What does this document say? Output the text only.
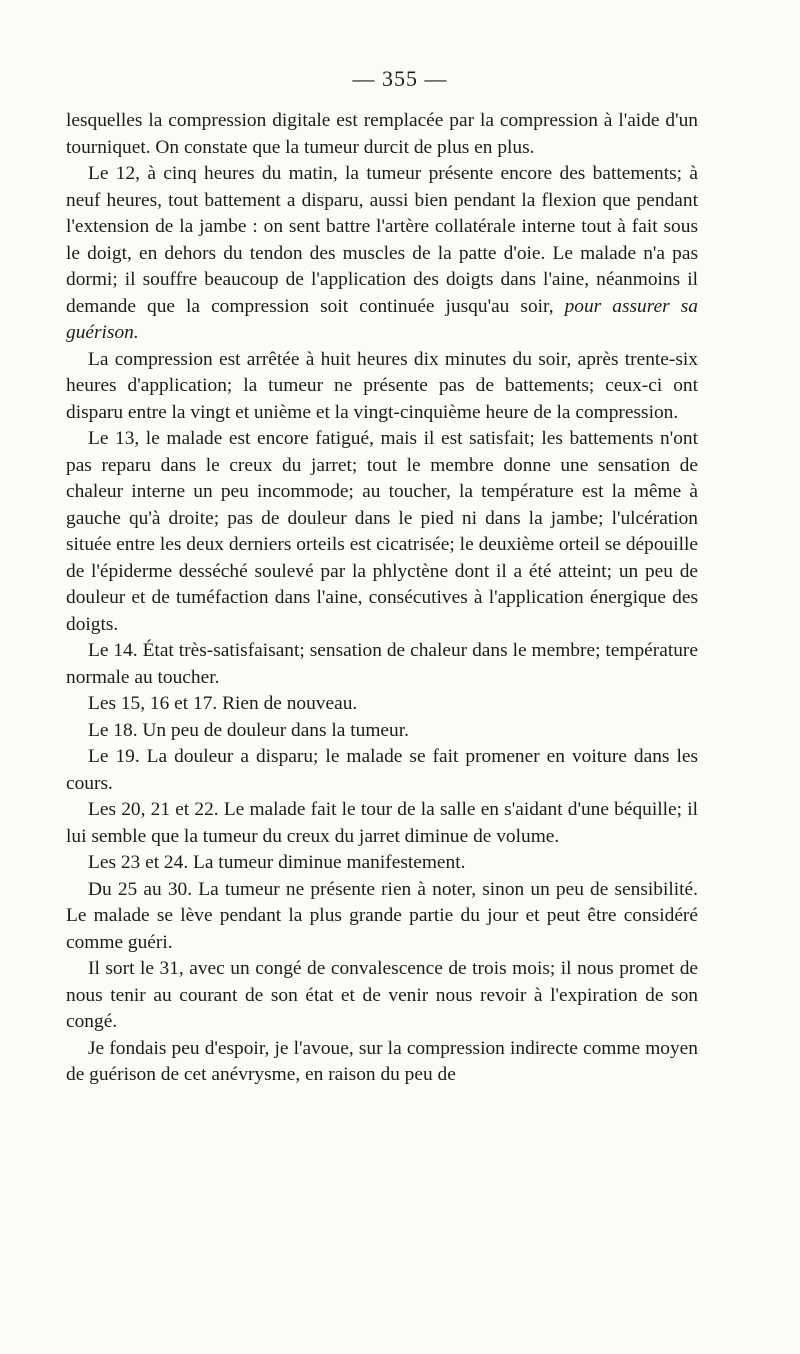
— 355 —

lesquelles la compression digitale est remplacée par la compression à l'aide d'un tourniquet. On constate que la tumeur durcit de plus en plus.

Le 12, à cinq heures du matin, la tumeur présente encore des battements; à neuf heures, tout battement a disparu, aussi bien pendant la flexion que pendant l'extension de la jambe : on sent battre l'artère collatérale interne tout à fait sous le doigt, en dehors du tendon des muscles de la patte d'oie. Le malade n'a pas dormi; il souffre beaucoup de l'application des doigts dans l'aine, néanmoins il demande que la compression soit continuée jusqu'au soir, pour assurer sa guérison.

La compression est arrêtée à huit heures dix minutes du soir, après trente-six heures d'application; la tumeur ne présente pas de battements; ceux-ci ont disparu entre la vingt et unième et la vingt-cinquième heure de la compression.

Le 13, le malade est encore fatigué, mais il est satisfait; les battements n'ont pas reparu dans le creux du jarret; tout le membre donne une sensation de chaleur interne un peu incommode; au toucher, la température est la même à gauche qu'à droite; pas de douleur dans le pied ni dans la jambe; l'ulcération située entre les deux derniers orteils est cicatrisée; le deuxième orteil se dépouille de l'épiderme desséché soulevé par la phlyctène dont il a été atteint; un peu de douleur et de tuméfaction dans l'aine, consécutives à l'application énergique des doigts.

Le 14. État très-satisfaisant; sensation de chaleur dans le membre; température normale au toucher.

Les 15, 16 et 17. Rien de nouveau.

Le 18. Un peu de douleur dans la tumeur.

Le 19. La douleur a disparu; le malade se fait promener en voiture dans les cours.

Les 20, 21 et 22. Le malade fait le tour de la salle en s'aidant d'une béquille; il lui semble que la tumeur du creux du jarret diminue de volume.

Les 23 et 24. La tumeur diminue manifestement.

Du 25 au 30. La tumeur ne présente rien à noter, sinon un peu de sensibilité. Le malade se lève pendant la plus grande partie du jour et peut être considéré comme guéri.

Il sort le 31, avec un congé de convalescence de trois mois; il nous promet de nous tenir au courant de son état et de venir nous revoir à l'expiration de son congé.

Je fondais peu d'espoir, je l'avoue, sur la compression indirecte comme moyen de guérison de cet anévrysme, en raison du peu de
